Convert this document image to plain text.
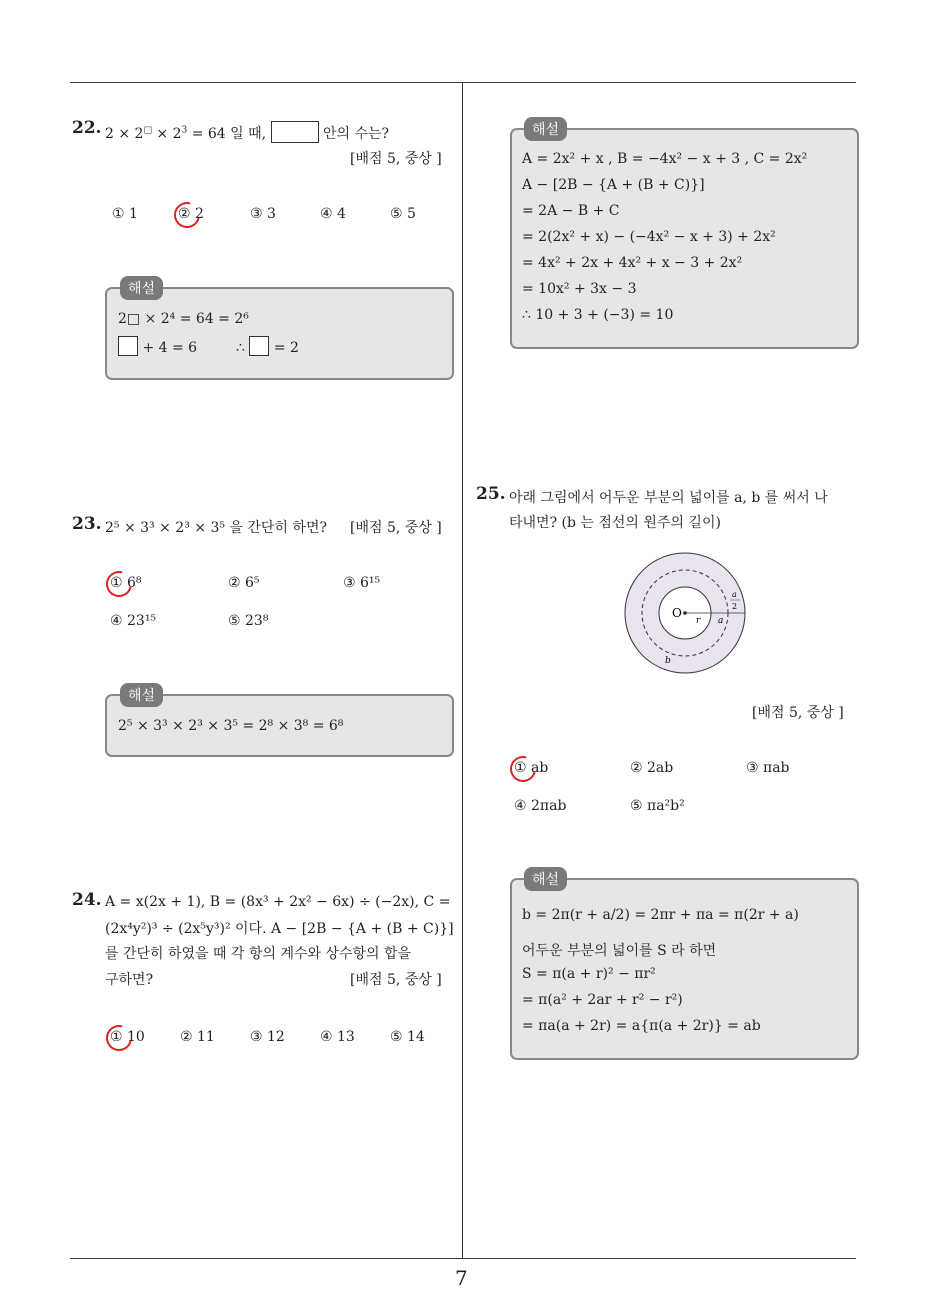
7
22. $2 \times 2^□ \times 2^3 = 64$ 일 때,	안의 수는?
[배점 5, 중상 ]
① 1	② 2	③ 3	④ 4	⑤ 5
해설
2□ × 2⁴ = 64 = 2⁶
+ 4 = 6	∴ = 2
23. 2⁵ × 3³ × 2³ × 3⁵ 을 간단히 하면? [배점 5, 중상 ]
① 6⁸	② 6⁵	③ 6¹⁵
④ 23¹⁵	⑤ 23⁸
해설
2⁵ × 3³ × 2³ × 3⁵ = 2⁸ × 3⁸ = 6⁸
24. A = x(2x + 1), B = (8x³ + 2x² − 6x) ÷ (−2x), C =
(2x⁴y²)³ ÷ (2x⁵y³)² 이다. A − [2B − {A + (B + C)}]
를 간단히 하였을 때 각 항의 계수와 상수항의 합을
구하면?	[배점 5, 중상 ]
① 10	② 11	③ 12	④ 13	⑤ 14
해설
A = 2x² + x , B = −4x² − x + 3 , C = 2x²
A − [2B − {A + (B + C)}]
= 2A − B + C
= 2(2x² + x) − (−4x² − x + 3) + 2x²
= 4x² + 2x + 4x² + x − 3 + 2x²
= 10x² + 3x − 3
∴ 10 + 3 + (−3) = 10
25. 아래 그림에서 어두운 부분의 넓이를 a, b 를 써서 나
타내면? (b 는 점선의 원주의 길이)
O
r a
a
2
b
[배점 5, 중상 ]
① ab	② 2ab	③ πab
④ 2πab	⑤ πa²b²
해설
b = 2π(r + a/2) = 2πr + πa = π(2r + a)
어두운 부분의 넓이를 S 라 하면
S = π(a + r)² − πr²
= π(a² + 2ar + r² − r²)
= πa(a + 2r) = a{π(a + 2r)} = ab
